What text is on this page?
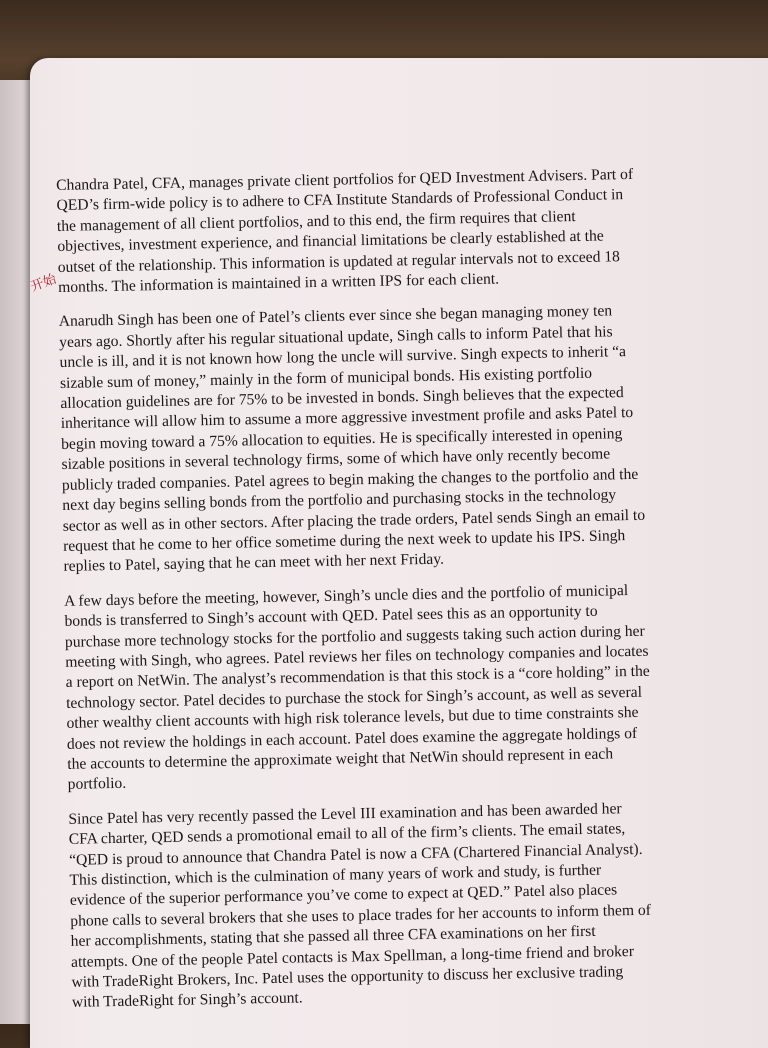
开始

Chandra Patel, CFA, manages private client portfolios for QED Investment Advisers. Part of
QED’s firm-wide policy is to adhere to CFA Institute Standards of Professional Conduct in
the management of all client portfolios, and to this end, the firm requires that client
objectives, investment experience, and financial limitations be clearly established at the
outset of the relationship. This information is updated at regular intervals not to exceed 18
months. The information is maintained in a written IPS for each client.

Anarudh Singh has been one of Patel’s clients ever since she began managing money ten
years ago. Shortly after his regular situational update, Singh calls to inform Patel that his
uncle is ill, and it is not known how long the uncle will survive. Singh expects to inherit “a
sizable sum of money,” mainly in the form of municipal bonds. His existing portfolio
allocation guidelines are for 75% to be invested in bonds. Singh believes that the expected
inheritance will allow him to assume a more aggressive investment profile and asks Patel to
begin moving toward a 75% allocation to equities. He is specifically interested in opening
sizable positions in several technology firms, some of which have only recently become
publicly traded companies. Patel agrees to begin making the changes to the portfolio and the
next day begins selling bonds from the portfolio and purchasing stocks in the technology
sector as well as in other sectors. After placing the trade orders, Patel sends Singh an email to
request that he come to her office sometime during the next week to update his IPS. Singh
replies to Patel, saying that he can meet with her next Friday.

A few days before the meeting, however, Singh’s uncle dies and the portfolio of municipal
bonds is transferred to Singh’s account with QED. Patel sees this as an opportunity to
purchase more technology stocks for the portfolio and suggests taking such action during her
meeting with Singh, who agrees. Patel reviews her files on technology companies and locates
a report on NetWin. The analyst’s recommendation is that this stock is a “core holding” in the
technology sector. Patel decides to purchase the stock for Singh’s account, as well as several
other wealthy client accounts with high risk tolerance levels, but due to time constraints she
does not review the holdings in each account. Patel does examine the aggregate holdings of
the accounts to determine the approximate weight that NetWin should represent in each
portfolio.

Since Patel has very recently passed the Level III examination and has been awarded her
CFA charter, QED sends a promotional email to all of the firm’s clients. The email states,
“QED is proud to announce that Chandra Patel is now a CFA (Chartered Financial Analyst).
This distinction, which is the culmination of many years of work and study, is further
evidence of the superior performance you’ve come to expect at QED.” Patel also places
phone calls to several brokers that she uses to place trades for her accounts to inform them of
her accomplishments, stating that she passed all three CFA examinations on her first
attempts. One of the people Patel contacts is Max Spellman, a long-time friend and broker
with TradeRight Brokers, Inc. Patel uses the opportunity to discuss her exclusive trading
with TradeRight for Singh’s account.
